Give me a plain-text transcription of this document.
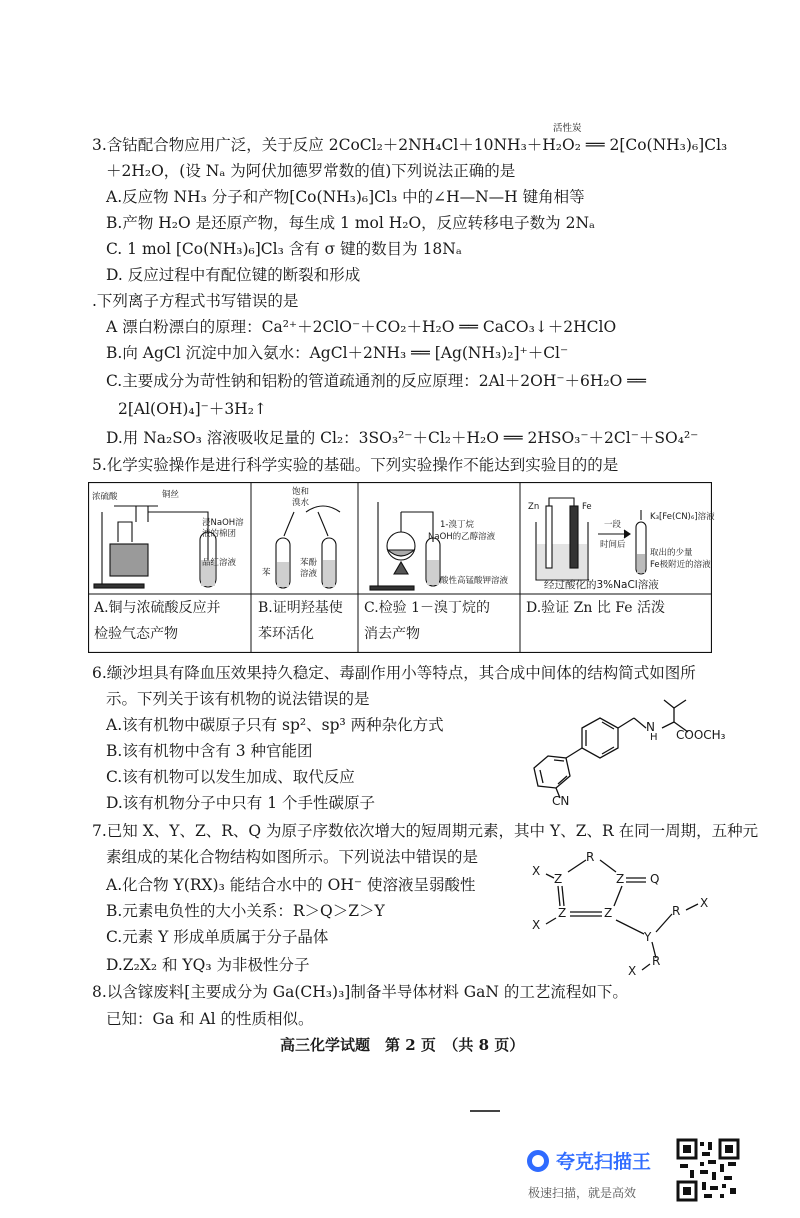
3.含钴配合物应用广泛，关于反应 2CoCl₂＋2NH₄Cl＋10NH₃＋H₂O₂ ══ 2[Co(NH₃)₆]Cl₃
活性炭
＋2H₂O，(设 Nₐ 为阿伏加德罗常数的值)下列说法正确的是
A.反应物 NH₃ 分子和产物[Co(NH₃)₆]Cl₃ 中的∠H—N—H 键角相等
B.产物 H₂O 是还原产物，每生成 1 mol H₂O，反应转移电子数为 2Nₐ
C. 1 mol [Co(NH₃)₆]Cl₃ 含有 σ 键的数目为 18Nₐ
D. 反应过程中有配位键的断裂和形成
.下列离子方程式书写错误的是
A 漂白粉漂白的原理：Ca²⁺＋2ClO⁻＋CO₂＋H₂O ══ CaCO₃↓＋2HClO
B.向 AgCl 沉淀中加入氨水：AgCl＋2NH₃ ══ [Ag(NH₃)₂]⁺＋Cl⁻
C.主要成分为苛性钠和铝粉的管道疏通剂的反应原理：2Al＋2OH⁻＋6H₂O ══
2[Al(OH)₄]⁻＋3H₂↑
D.用 Na₂SO₃ 溶液吸收足量的 Cl₂：3SO₃²⁻＋Cl₂＋H₂O ══ 2HSO₃⁻＋2Cl⁻＋SO₄²⁻
5.化学实验操作是进行科学实验的基础。下列实验操作不能达到实验目的的是
浓硫酸	铜丝
浸NaOH溶
液的棉团
品红溶液
饱和
溴水
苯
苯酚
溶液
1-溴丁烷
NaOH的乙醇溶液
酸性高锰酸钾溶液
Zn	Fe
K₃[Fe(CN)₆]溶液
一段
时间后
取出的少量
Fe极附近的溶液
经过酸化的3%NaCl溶液
A.铜与浓硫酸反应并
检验气态产物
B.证明羟基使
苯环活化
C.检验 1－溴丁烷的
消去产物
D.验证 Zn 比 Fe 活泼
6.缬沙坦具有降血压效果持久稳定、毒副作用小等特点，其合成中间体的结构简式如图所
示。下列关于该有机物的说法错误的是
A.该有机物中碳原子只有 sp²、sp³ 两种杂化方式
B.该有机物中含有 3 种官能团
C.该有机物可以发生加成、取代反应
D.该有机物分子中只有 1 个手性碳原子
N
H COOCH₃
CN
7.已知 X、Y、Z、R、Q 为原子序数依次增大的短周期元素，其中 Y、Z、R 在同一周期，五种元
素组成的某化合物结构如图所示。下列说法中错误的是
A.化合物 Y(RX)₃ 能结合水中的 OH⁻ 使溶液呈弱酸性
B.元素电负性的大小关系：R＞Q＞Z＞Y
C.元素 Y 形成单质属于分子晶体
D.Z₂X₂ 和 YQ₃ 为非极性分子
R
Z	Z Q
Z	Z
X
X
Y
R
X
R
X
8.以含镓废料[主要成分为 Ga(CH₃)₃]制备半导体材料 GaN 的工艺流程如下。
已知：Ga 和 Al 的性质相似。
高三化学试题　第 2 页　（共 8 页）
夸克扫描王
极速扫描，就是高效
